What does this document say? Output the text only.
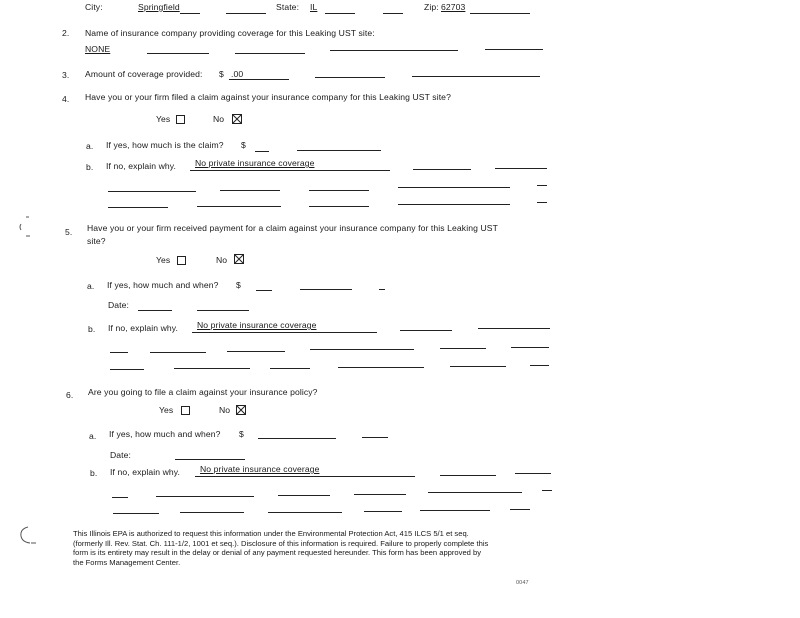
City:	Springfield	State: IL	Zip: 62703
2. Name of insurance company providing coverage for this Leaking UST site:
NONE
3. Amount of coverage provided: $ .00
4. Have you or your firm filed a claim against your insurance company for this Leaking UST site?
Yes	No
a. If yes, how much is the claim? $
b. If no, explain why. No private insurance coverage
5. Have you or your firm received payment for a claim against your insurance company for this Leaking UST
site?
Yes	No
a. If yes, how much and when? $
Date:
b. If no, explain why. No private insurance coverage
6. Are you going to file a claim against your insurance policy?
Yes	No
a. If yes, how much and when? $
Date:
b. If no, explain why. No private insurance coverage
This Illinois EPA is authorized to request this information under the Environmental Protection Act, 415 ILCS 5/1 et seq.
(formerly Ill. Rev. Stat. Ch. 111-1/2, 1001 et seq.). Disclosure of this information is required. Failure to properly complete this
form is its entirety may result in the delay or denial of any payment requested hereunder. This form has been approved by
the Forms Management Center.
0047
